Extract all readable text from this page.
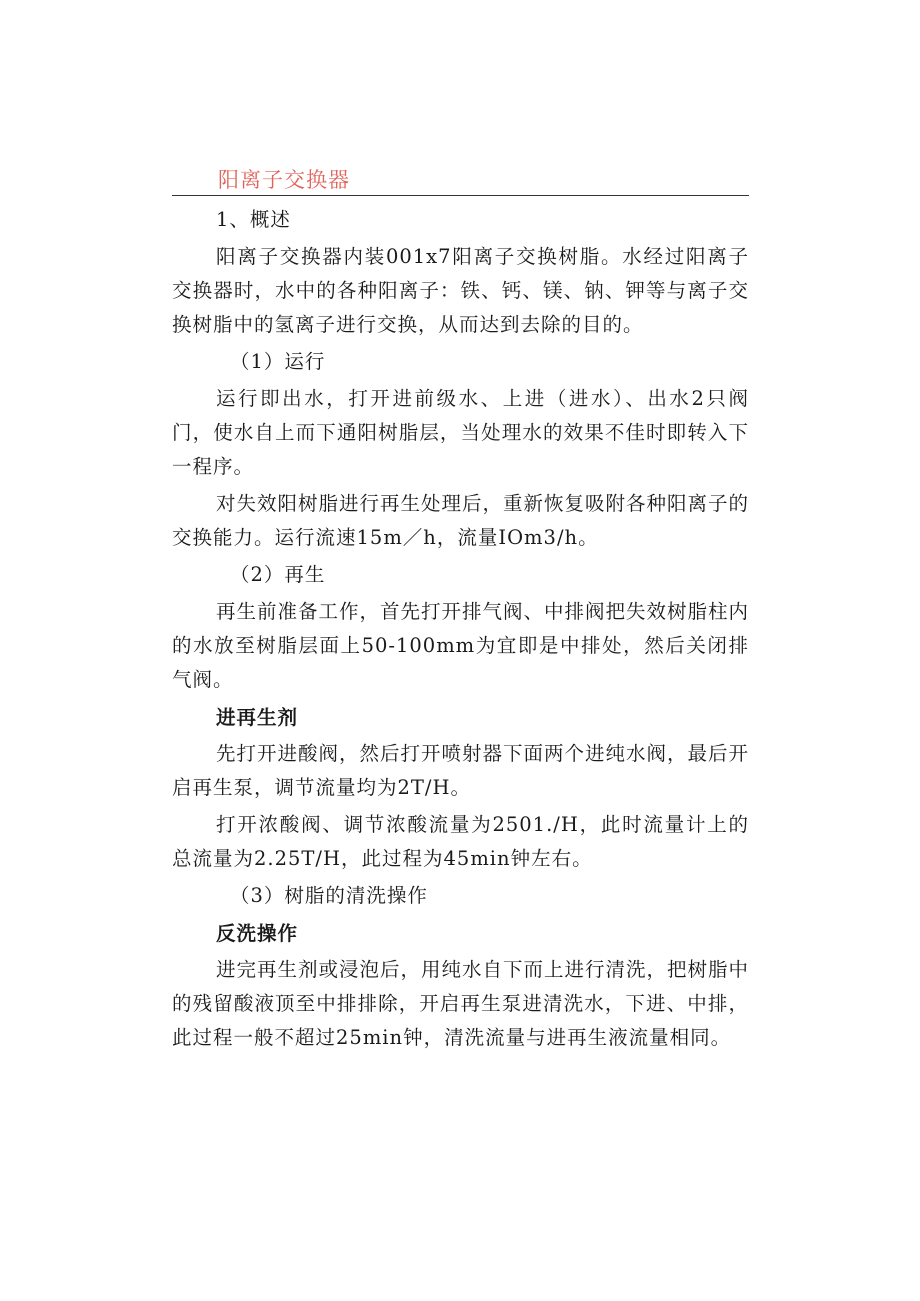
阳离子交换器

1、概述

阳离子交换器内装001x7阳离子交换树脂。水经过阳离子交换器时，水中的各种阳离子：铁、钙、镁、钠、钾等与离子交换树脂中的氢离子进行交换，从而达到去除的目的。

（1）运行

运行即出水，打开进前级水、上进（进水）、出水2只阀门，使水自上而下通阳树脂层，当处理水的效果不佳时即转入下一程序。

对失效阳树脂进行再生处理后，重新恢复吸附各种阳离子的交换能力。运行流速15m／h，流量IOm3/h。

（2）再生

再生前准备工作，首先打开排气阀、中排阀把失效树脂柱内的水放至树脂层面上50-100mm为宜即是中排处，然后关闭排气阀。

进再生剂

先打开进酸阀，然后打开喷射器下面两个进纯水阀，最后开启再生泵，调节流量均为2T/H。

打开浓酸阀、调节浓酸流量为2501./H，此时流量计上的总流量为2.25T/H，此过程为45min钟左右。

（3）树脂的清洗操作

反洗操作

进完再生剂或浸泡后，用纯水自下而上进行清洗，把树脂中的残留酸液顶至中排排除，开启再生泵进清洗水，下进、中排，此过程一般不超过25min钟，清洗流量与进再生液流量相同。
